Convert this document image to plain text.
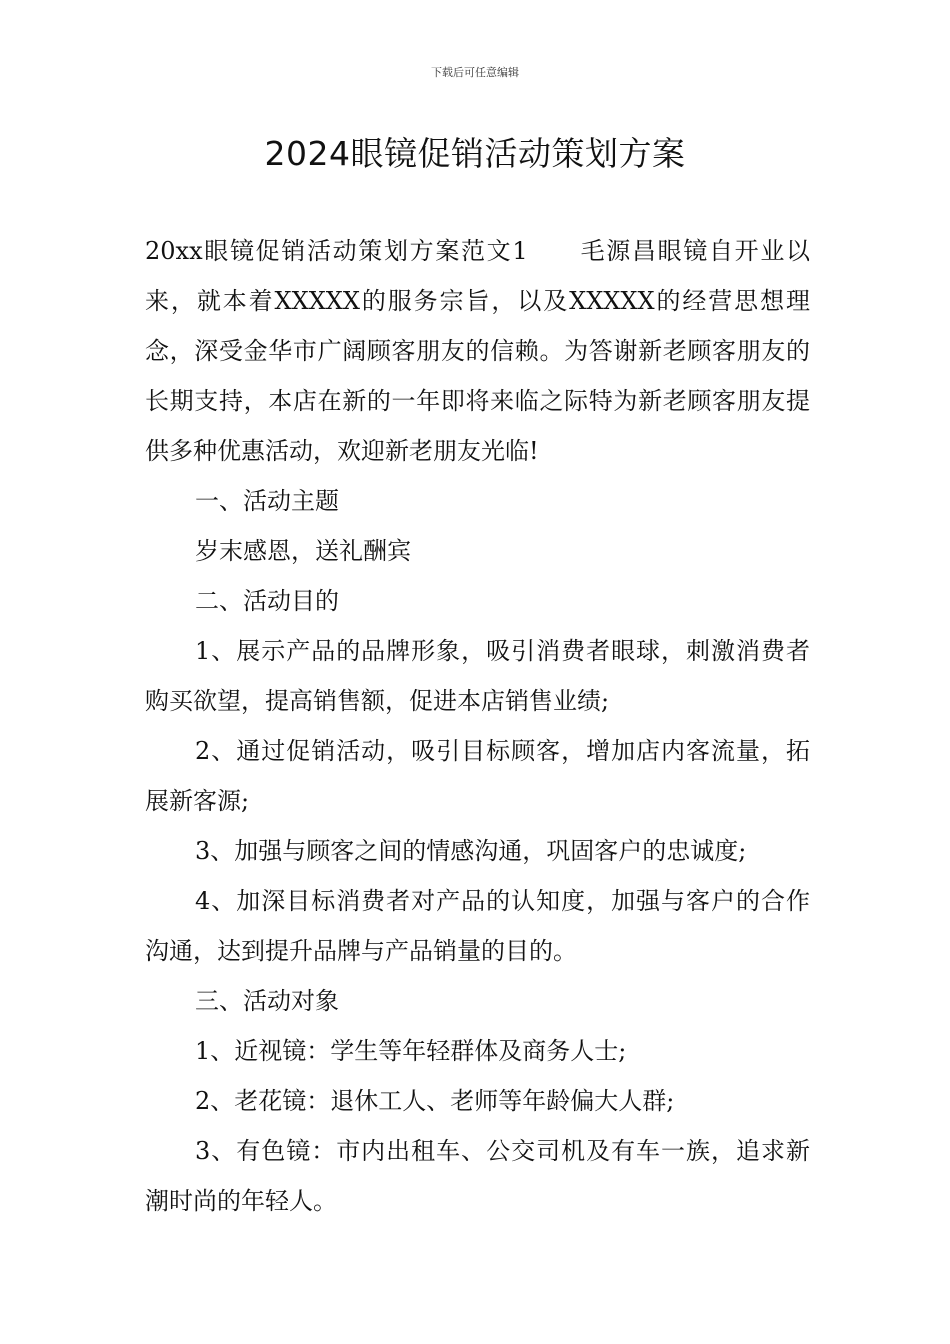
下载后可任意编辑
2024眼镜促销活动策划方案

20xx眼镜促销活动策划方案范文1　　毛源昌眼镜自开业以来，就本着XXXXX的服务宗旨，以及XXXXX的经营思想理念，深受金华市广阔顾客朋友的信赖。为答谢新老顾客朋友的长期支持，本店在新的一年即将来临之际特为新老顾客朋友提供多种优惠活动，欢迎新老朋友光临!

一、活动主题

岁末感恩，送礼酬宾

二、活动目的

1、展示产品的品牌形象，吸引消费者眼球，刺激消费者购买欲望，提高销售额，促进本店销售业绩;

2、通过促销活动，吸引目标顾客，增加店内客流量，拓展新客源;

3、加强与顾客之间的情感沟通，巩固客户的忠诚度;

4、加深目标消费者对产品的认知度，加强与客户的合作沟通，达到提升品牌与产品销量的目的。

三、活动对象

1、近视镜：学生等年轻群体及商务人士;

2、老花镜：退休工人、老师等年龄偏大人群;

3、有色镜：市内出租车、公交司机及有车一族，追求新潮时尚的年轻人。
